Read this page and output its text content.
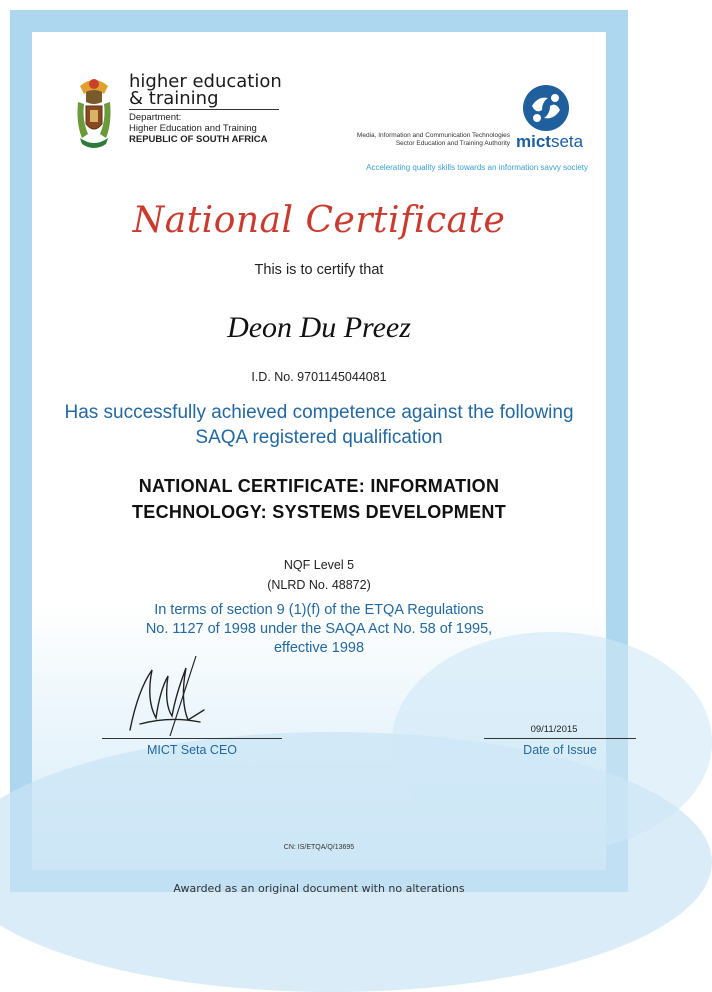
higher education
& training
Department:
Higher Education and Training
REPUBLIC OF SOUTH AFRICA	Media, Information and Communication Technologies
Sector Education and Training Authority mictseta
Accelerating quality skills towards an information savvy society
National Certificate
This is to certify that
Deon Du Preez
I.D. No. 9701145044081
Has successfully achieved competence against the following
SAQA registered qualification
NATIONAL CERTIFICATE: INFORMATION
TECHNOLOGY: SYSTEMS DEVELOPMENT
NQF Level 5
(NLRD No. 48872)
In terms of section 9 (1)(f) of the ETQA Regulations
No. 1127 of 1998 under the SAQA Act No. 58 of 1995,
effective 1998
MICT Seta CEO
09/11/2015
Date of Issue
CN: IS/ETQA/Q/13695
Awarded as an original document with no alterations
